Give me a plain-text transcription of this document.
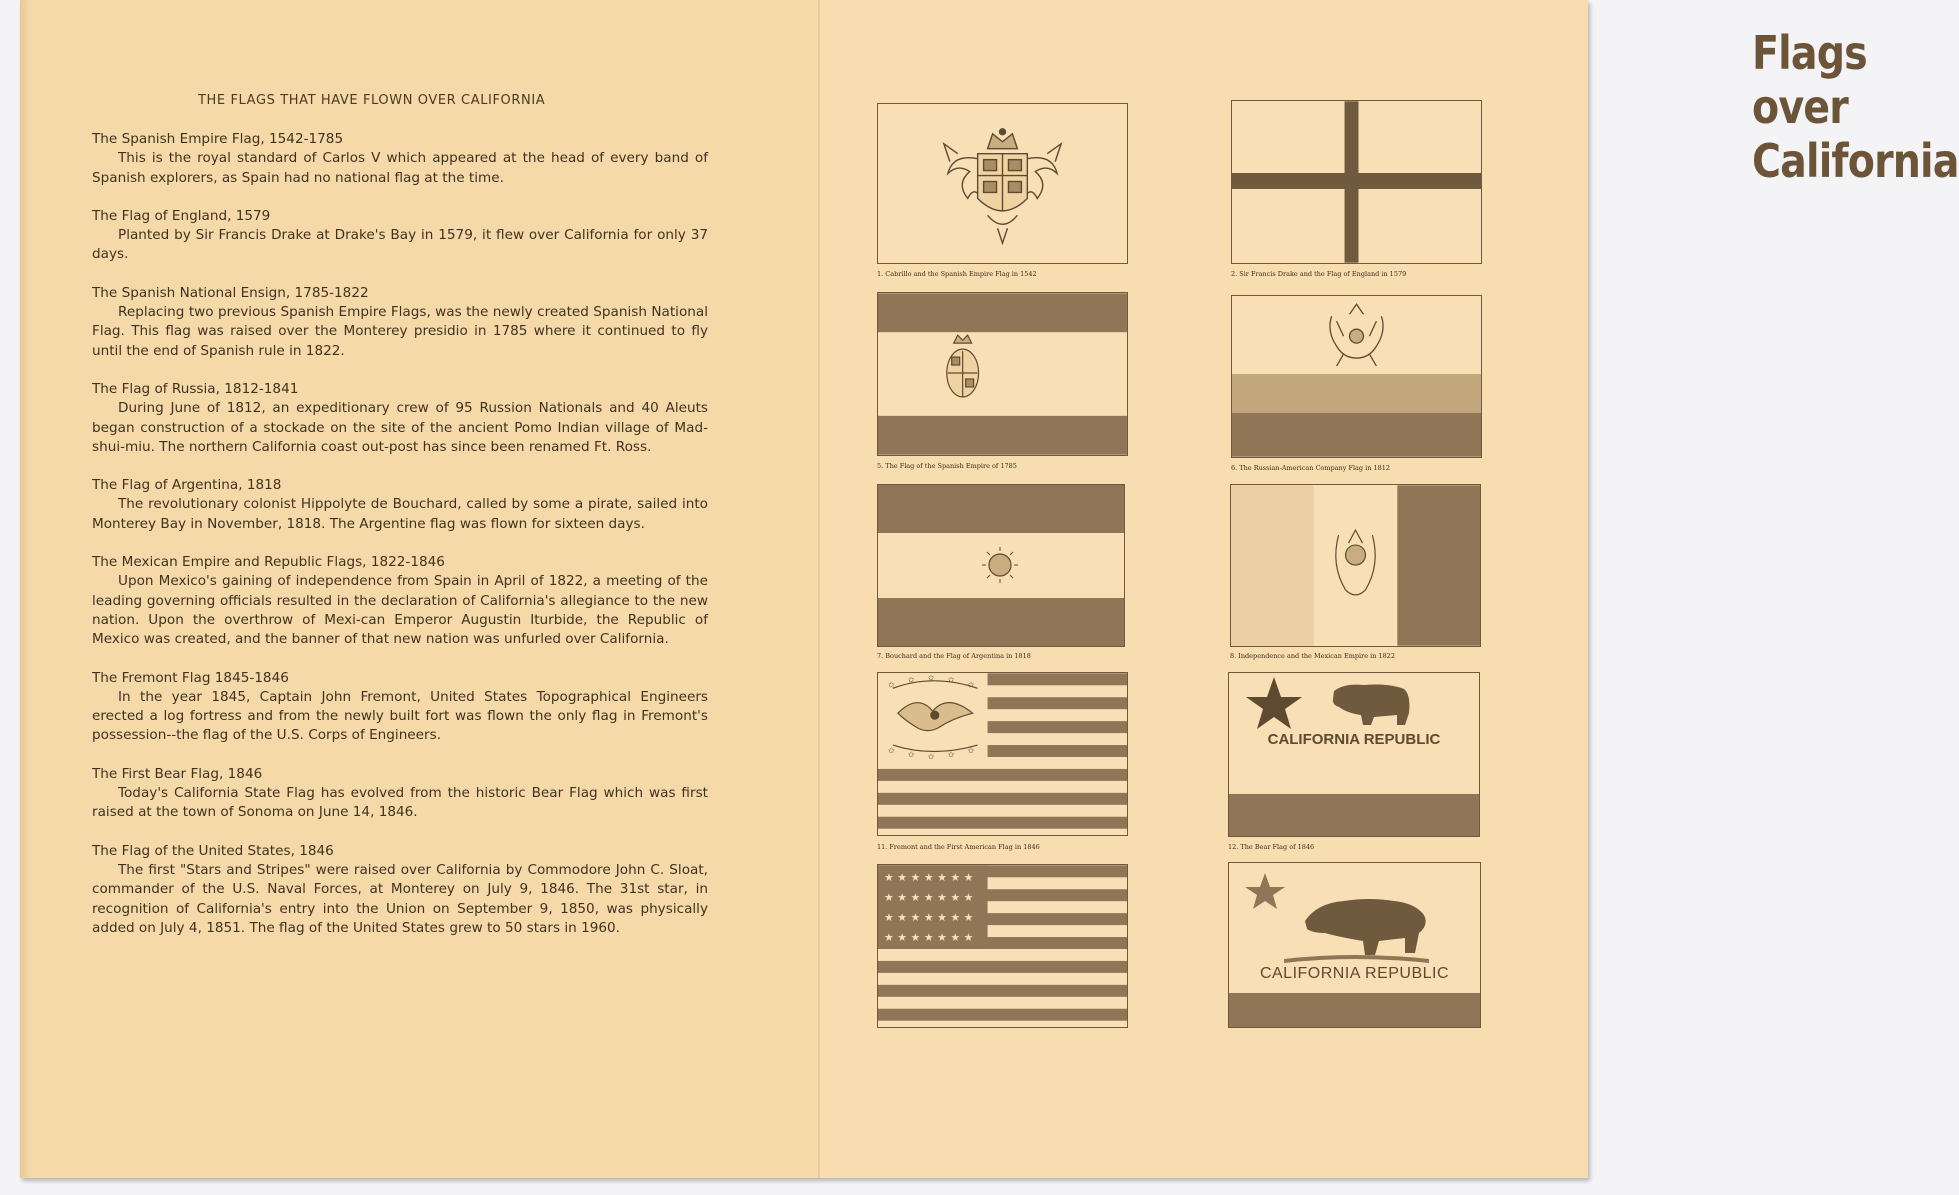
THE FLAGS THAT HAVE FLOWN OVER CALIFORNIA
The Spanish Empire Flag, 1542-1785
This is the royal standard of Carlos V which appeared at the head of every band of Spanish explorers, as Spain had no national flag at the time.
The Flag of England, 1579
Planted by Sir Francis Drake at Drake's Bay in 1579, it flew over California for only 37 days.
The Spanish National Ensign, 1785-1822
Replacing two previous Spanish Empire Flags, was the newly created Spanish National Flag. This flag was raised over the Monterey presidio in 1785 where it continued to fly until the end of Spanish rule in 1822.
The Flag of Russia, 1812-1841
During June of 1812, an expeditionary crew of 95 Russion Nationals and 40 Aleuts began construction of a stockade on the site of the ancient Pomo Indian village of Mad-shui-miu. The northern California coast out-post has since been renamed Ft. Ross.
The Flag of Argentina, 1818
The revolutionary colonist Hippolyte de Bouchard, called by some a pirate, sailed into Monterey Bay in November, 1818. The Argentine flag was flown for sixteen days.
The Mexican Empire and Republic Flags, 1822-1846
Upon Mexico's gaining of independence from Spain in April of 1822, a meeting of the leading governing officials resulted in the declaration of California's allegiance to the new nation. Upon the overthrow of Mexi-can Emperor Augustin Iturbide, the Republic of Mexico was created, and the banner of that new nation was unfurled over California.
The Fremont Flag 1845-1846
In the year 1845, Captain John Fremont, United States Topographical Engineers erected a log fortress and from the newly built fort was flown the only flag in Fremont's possession--the flag of the U.S. Corps of Engineers.
The First Bear Flag, 1846
Today's California State Flag has evolved from the historic Bear Flag which was first raised at the town of Sonoma on June 14, 1846.
The Flag of the United States, 1846
The first "Stars and Stripes" were raised over California by Commodore John C. Sloat, commander of the U.S. Naval Forces, at Monterey on July 9, 1846. The 31st star, in recognition of California's entry into the Union on September 9, 1850, was physically added on July 4, 1851. The flag of the United States grew to 50 stars in 1960.
Flags over California
1. Cabrillo and the Spanish Empire Flag in 1542	2. Sir Francis Drake and the Flag of England in 1579
5. The Flag of the Spanish Empire of 1785	6. The Russian-American Company Flag in 1812
7. Bouchard and the Flag of Argentina in 1818	8. Independence and the Mexican Empire in 1822
✩
✩ ✩ ✩
✩
✩ ✩ ✩ ✩ ✩
11. Fremont and the First American Flag in 1846
CALIFORNIA REPUBLIC
12. The Bear Flag of 1846
★ ★ ★ ★ ★ ★ ★
★ ★ ★ ★ ★ ★ ★
★ ★ ★ ★ ★ ★ ★
★ ★ ★ ★ ★ ★ ★
CALIFORNIA REPUBLIC
